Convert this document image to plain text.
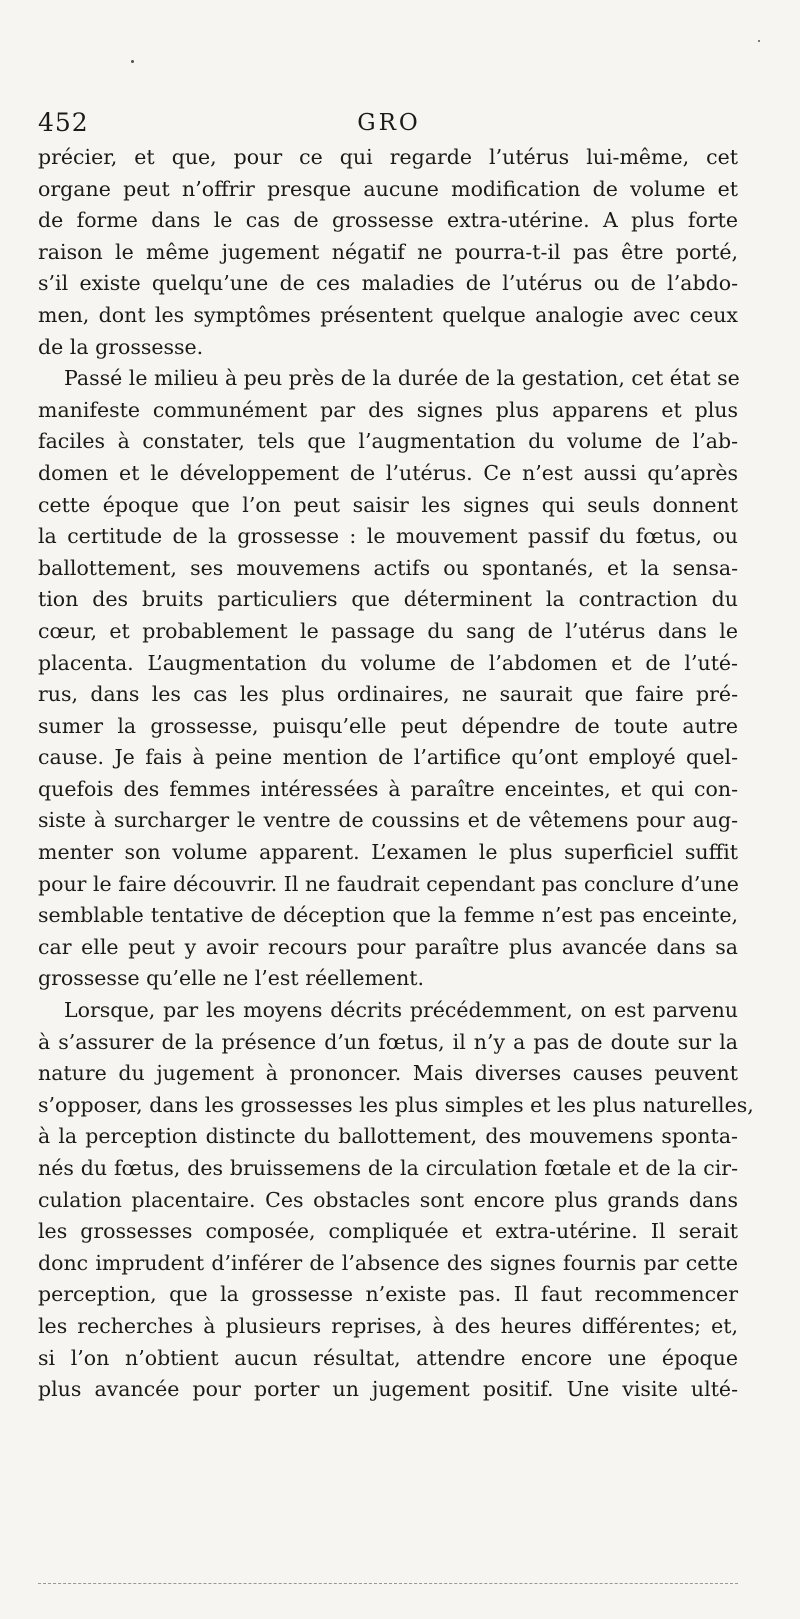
452	GRO
précier, et que, pour ce qui regarde l’utérus lui-même, cet
organe peut n’offrir presque aucune modification de volume et
de forme dans le cas de grossesse extra-utérine. A plus forte
raison le même jugement négatif ne pourra-t-il pas être porté,
s’il existe quelqu’une de ces maladies de l’utérus ou de l’abdo-
men, dont les symptômes présentent quelque analogie avec ceux
de la grossesse.
Passé le milieu à peu près de la durée de la gestation, cet état se
manifeste communément par des signes plus apparens et plus
faciles à constater, tels que l’augmentation du volume de l’ab-
domen et le développement de l’utérus. Ce n’est aussi qu’après
cette époque que l’on peut saisir les signes qui seuls donnent
la certitude de la grossesse : le mouvement passif du fœtus, ou
ballottement, ses mouvemens actifs ou spontanés, et la sensa-
tion des bruits particuliers que déterminent la contraction du
cœur, et probablement le passage du sang de l’utérus dans le
placenta. L’augmentation du volume de l’abdomen et de l’uté-
rus, dans les cas les plus ordinaires, ne saurait que faire pré-
sumer la grossesse, puisqu’elle peut dépendre de toute autre
cause. Je fais à peine mention de l’artifice qu’ont employé quel-
quefois des femmes intéressées à paraître enceintes, et qui con-
siste à surcharger le ventre de coussins et de vêtemens pour aug-
menter son volume apparent. L’examen le plus superficiel suffit
pour le faire découvrir. Il ne faudrait cependant pas conclure d’une
semblable tentative de déception que la femme n’est pas enceinte,
car elle peut y avoir recours pour paraître plus avancée dans sa
grossesse qu’elle ne l’est réellement.
Lorsque, par les moyens décrits précédemment, on est parvenu
à s’assurer de la présence d’un fœtus, il n’y a pas de doute sur la
nature du jugement à prononcer. Mais diverses causes peuvent
s’opposer, dans les grossesses les plus simples et les plus naturelles,
à la perception distincte du ballottement, des mouvemens sponta-
nés du fœtus, des bruissemens de la circulation fœtale et de la cir-
culation placentaire. Ces obstacles sont encore plus grands dans
les grossesses composée, compliquée et extra-utérine. Il serait
donc imprudent d’inférer de l’absence des signes fournis par cette
perception, que la grossesse n’existe pas. Il faut recommencer
les recherches à plusieurs reprises, à des heures différentes; et,
si l’on n’obtient aucun résultat, attendre encore une époque
plus avancée pour porter un jugement positif. Une visite ulté-
